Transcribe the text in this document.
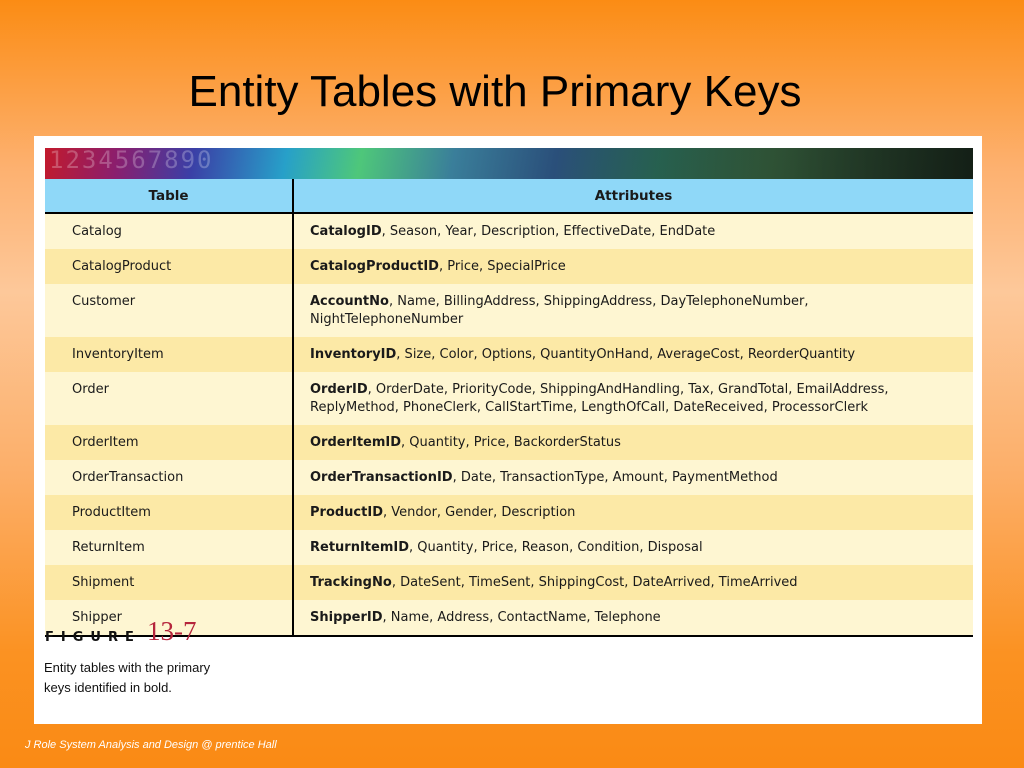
Entity Tables with Primary Keys
1234567890
Table	Attributes
Catalog	CatalogID, Season, Year, Description, EffectiveDate, EndDate
CatalogProduct	CatalogProductID, Price, SpecialPrice
Customer	AccountNo, Name, BillingAddress, ShippingAddress, DayTelephoneNumber, NightTelephoneNumber
InventoryItem	InventoryID, Size, Color, Options, QuantityOnHand, AverageCost, ReorderQuantity
Order	OrderID, OrderDate, PriorityCode, ShippingAndHandling, Tax, GrandTotal, EmailAddress, ReplyMethod, PhoneClerk, CallStartTime, LengthOfCall, DateReceived, ProcessorClerk
OrderItem	OrderItemID, Quantity, Price, BackorderStatus
OrderTransaction	OrderTransactionID, Date, TransactionType, Amount, PaymentMethod
ProductItem	ProductID, Vendor, Gender, Description
ReturnItem	ReturnItemID, Quantity, Price, Reason, Condition, Disposal
Shipment	TrackingNo, DateSent, TimeSent, ShippingCost, DateArrived, TimeArrived
Shipper	ShipperID, Name, Address, ContactName, Telephone
FIGURE 13-7
Entity tables with the primary
keys identified in bold.
J Role System Analysis and Design @ prentice Hall
